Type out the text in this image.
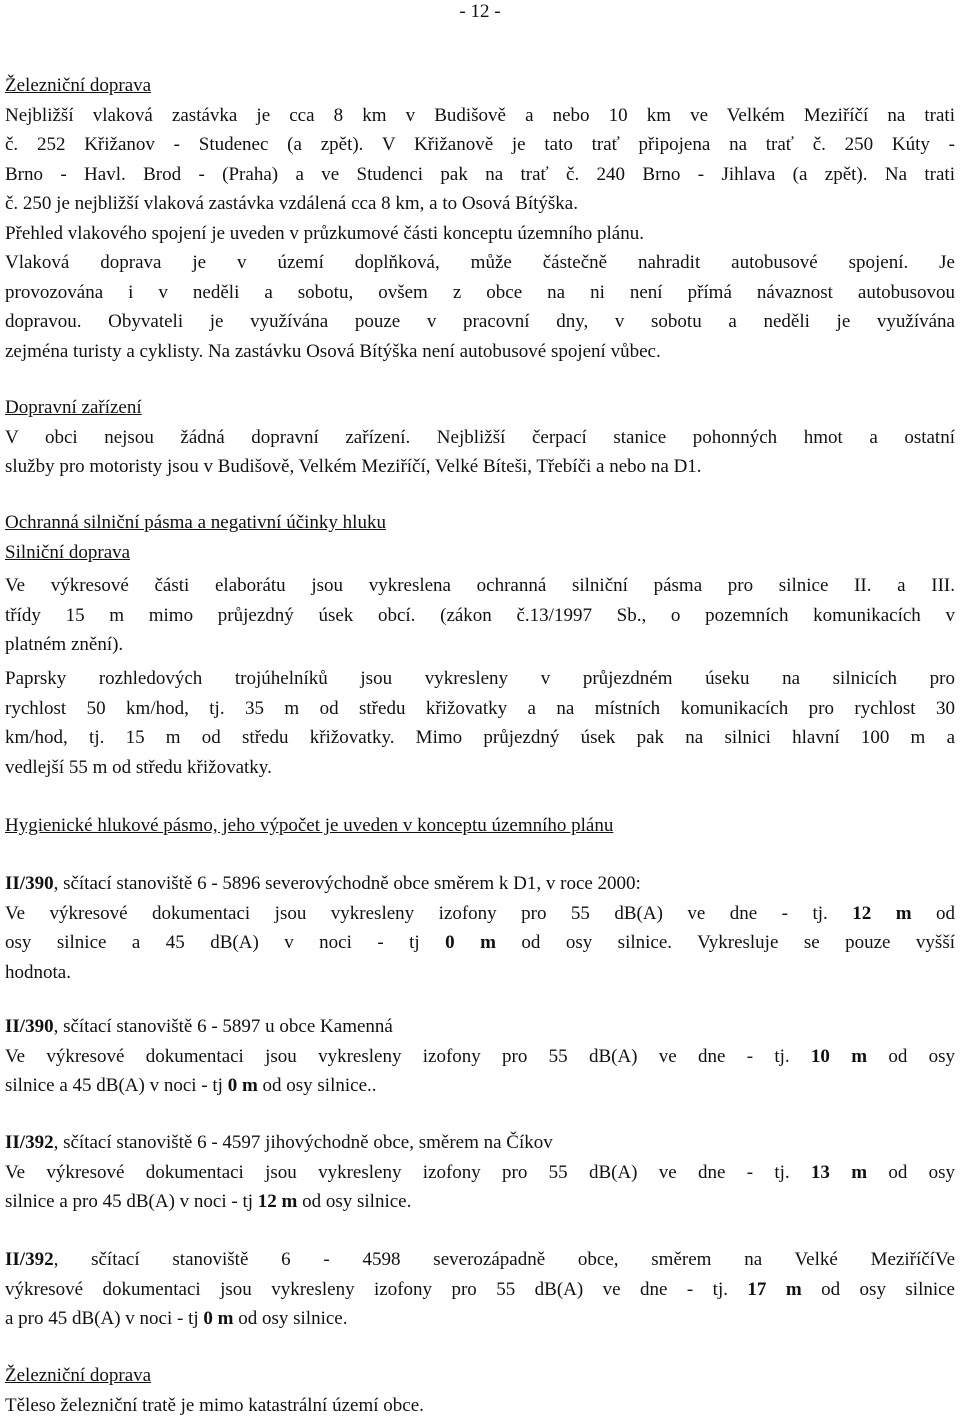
- 12 -
Železniční doprava
Nejbližší vlaková zastávka je cca 8 km v Budišově a nebo 10 km ve Velkém Meziříčí na trati
č. 252 Křižanov - Studenec (a zpět). V Křižanově je tato trať připojena na trať č. 250 Kúty -
Brno - Havl. Brod - (Praha) a ve Studenci pak na trať č. 240 Brno - Jihlava (a zpět). Na trati
č. 250 je nejbližší vlaková zastávka vzdálená cca 8 km, a to Osová Bítýška.
Přehled vlakového spojení je uveden v průzkumové části konceptu územního plánu.
Vlaková doprava je v území doplňková, může částečně nahradit autobusové spojení. Je
provozována i v neděli a sobotu, ovšem z obce na ni není přímá návaznost autobusovou
dopravou. Obyvateli je využívána pouze v pracovní dny, v sobotu a neděli je využívána
zejména turisty a cyklisty. Na zastávku Osová Bítýška není autobusové spojení vůbec.
Dopravní zařízení
V obci nejsou žádná dopravní zařízení. Nejbližší čerpací stanice pohonných hmot a ostatní
služby pro motoristy jsou v Budišově, Velkém Meziříčí, Velké Bíteši, Třebíči a nebo na D1.
Ochranná silniční pásma a negativní účinky hluku
Silniční doprava
Ve výkresové části elaborátu jsou vykreslena ochranná silniční pásma pro silnice II. a III.
třídy 15 m mimo průjezdný úsek obcí. (zákon č.13/1997 Sb., o pozemních komunikacích v
platném znění).
Paprsky rozhledových trojúhelníků jsou vykresleny v průjezdném úseku na silnicích pro
rychlost 50 km/hod, tj. 35 m od středu křižovatky a na místních komunikacích pro rychlost 30
km/hod, tj. 15 m od středu křižovatky. Mimo průjezdný úsek pak na silnici hlavní 100 m a
vedlejší 55 m od středu křižovatky.
Hygienické hlukové pásmo, jeho výpočet je uveden v konceptu územního plánu
II/390, sčítací stanoviště 6 - 5896 severovýchodně obce směrem k D1, v roce 2000:
Ve výkresové dokumentaci jsou vykresleny izofony pro 55 dB(A) ve dne - tj. 12 m od
osy silnice a 45 dB(A) v noci - tj 0 m od osy silnice. Vykresluje se pouze vyšší
hodnota.
II/390, sčítací stanoviště 6 - 5897 u obce Kamenná
Ve výkresové dokumentaci jsou vykresleny izofony pro 55 dB(A) ve dne - tj. 10 m od osy
silnice a 45 dB(A) v noci - tj 0 m od osy silnice..
II/392, sčítací stanoviště 6 - 4597 jihovýchodně obce, směrem na Číkov
Ve výkresové dokumentaci jsou vykresleny izofony pro 55 dB(A) ve dne - tj. 13 m od osy
silnice a pro 45 dB(A) v noci - tj 12 m od osy silnice.
II/392, sčítací stanoviště 6 - 4598 severozápadně obce, směrem na Velké MeziříčíVe
výkresové dokumentaci jsou vykresleny izofony pro 55 dB(A) ve dne - tj. 17 m od osy silnice
a pro 45 dB(A) v noci - tj 0 m od osy silnice.
Železniční doprava
Těleso železniční tratě je mimo katastrální území obce.
